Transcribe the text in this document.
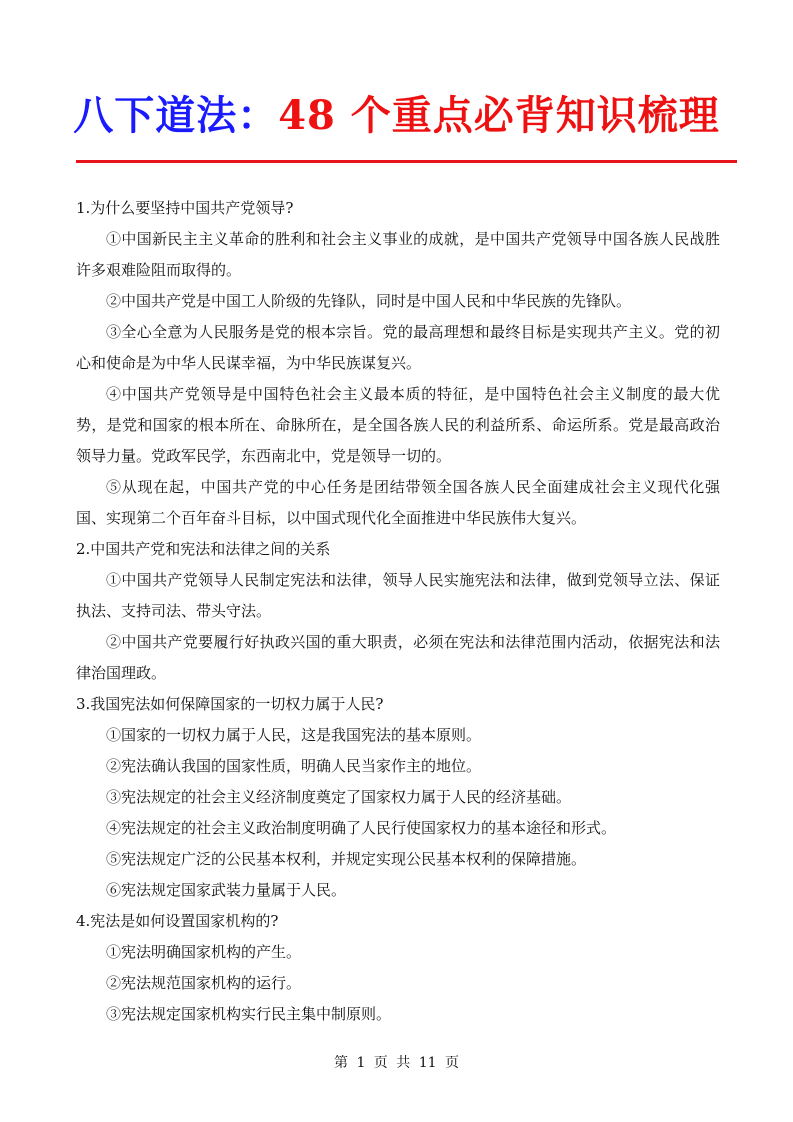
八下道法：48 个重点必背知识梳理

1.为什么要坚持中国共产党领导?

①中国新民主主义革命的胜利和社会主义事业的成就，是中国共产党领导中国各族人民战胜许多艰难险阻而取得的。

②中国共产党是中国工人阶级的先锋队，同时是中国人民和中华民族的先锋队。

③全心全意为人民服务是党的根本宗旨。党的最高理想和最终目标是实现共产主义。党的初心和使命是为中华人民谋幸福，为中华民族谋复兴。

④中国共产党领导是中国特色社会主义最本质的特征，是中国特色社会主义制度的最大优势，是党和国家的根本所在、命脉所在，是全国各族人民的利益所系、命运所系。党是最高政治领导力量。党政军民学，东西南北中，党是领导一切的。

⑤从现在起，中国共产党的中心任务是团结带领全国各族人民全面建成社会主义现代化强国、实现第二个百年奋斗目标，以中国式现代化全面推进中华民族伟大复兴。

2.中国共产党和宪法和法律之间的关系

①中国共产党领导人民制定宪法和法律，领导人民实施宪法和法律，做到党领导立法、保证执法、支持司法、带头守法。

②中国共产党要履行好执政兴国的重大职责，必须在宪法和法律范围内活动，依据宪法和法律治国理政。

3.我国宪法如何保障国家的一切权力属于人民?

①国家的一切权力属于人民，这是我国宪法的基本原则。

②宪法确认我国的国家性质，明确人民当家作主的地位。

③宪法规定的社会主义经济制度奠定了国家权力属于人民的经济基础。

④宪法规定的社会主义政治制度明确了人民行使国家权力的基本途径和形式。

⑤宪法规定广泛的公民基本权利，并规定实现公民基本权利的保障措施。

⑥宪法规定国家武装力量属于人民。

4.宪法是如何设置国家机构的?

①宪法明确国家机构的产生。

②宪法规范国家机构的运行。

③宪法规定国家机构实行民主集中制原则。

第 1 页 共 11 页
